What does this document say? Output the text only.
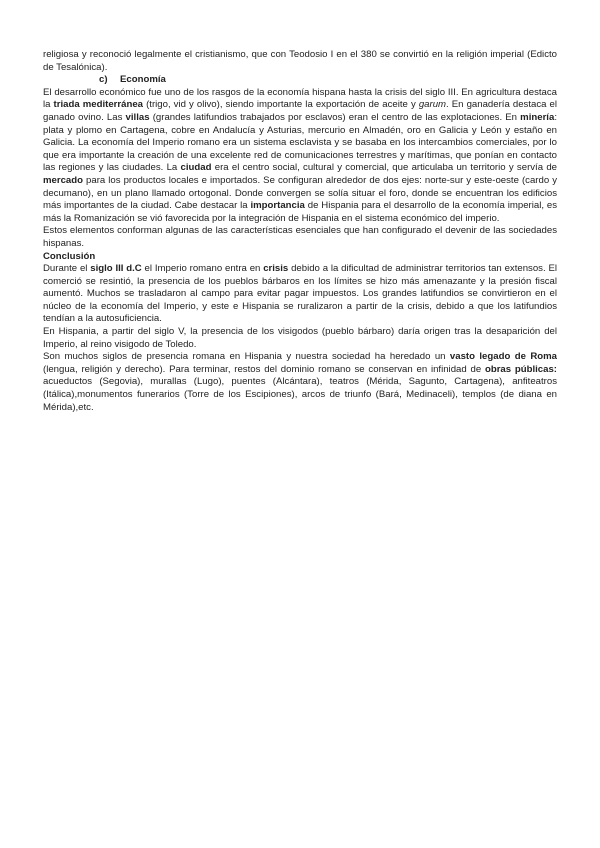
religiosa y reconoció legalmente el cristianismo, que con Teodosio I en el 380 se convirtió en la religión imperial (Edicto de Tesalónica).

c) Economía

El desarrollo económico fue uno de los rasgos de la economía hispana hasta la crisis del siglo III. En agricultura destaca la triada mediterránea (trigo, vid y olivo), siendo importante la exportación de aceite y garum. En ganadería destaca el ganado ovino. Las villas (grandes latifundios trabajados por esclavos) eran el centro de las explotaciones. En minería: plata y plomo en Cartagena, cobre en Andalucía y Asturias, mercurio en Almadén, oro en Galicia y León y estaño en Galicia. La economía del Imperio romano era un sistema esclavista y se basaba en los intercambios comerciales, por lo que era importante la creación de una excelente red de comunicaciones terrestres y marítimas, que ponían en contacto las regiones y las ciudades. La ciudad era el centro social, cultural y comercial, que articulaba un territorio y servía de mercado para los productos locales e importados. Se configuran alrededor de dos ejes: norte-sur y este-oeste (cardo y decumano), en un plano llamado ortogonal. Donde convergen se solía situar el foro, donde se encuentran los edificios más importantes de la ciudad. Cabe destacar la importancia de Hispania para el desarrollo de la economía imperial, es más la Romanización se vió favorecida por la integración de Hispania en el sistema económico del imperio.

Estos elementos conforman algunas de las características esenciales que han configurado el devenir de las sociedades hispanas.

Conclusión

Durante el siglo III d.C el Imperio romano entra en crisis debido a la dificultad de administrar territorios tan extensos. El comerció se resintió, la presencia de los pueblos bárbaros en los límites se hizo más amenazante y la presión fiscal aumentó. Muchos se trasladaron al campo para evitar pagar impuestos. Los grandes latifundios se convirtieron en el núcleo de la economía del Imperio, y este e Hispania se ruralizaron a partir de la crisis, debido a que los latifundios tendían a la autosuficiencia.

En Hispania, a partir del siglo V, la presencia de los visigodos (pueblo bárbaro) daría origen tras la desaparición del Imperio, al reino visigodo de Toledo.

Son muchos siglos de presencia romana en Hispania y nuestra sociedad ha heredado un vasto legado de Roma (lengua, religión y derecho). Para terminar, restos del dominio romano se conservan en infinidad de obras públicas: acueductos (Segovia), murallas (Lugo), puentes (Alcántara), teatros (Mérida, Sagunto, Cartagena), anfiteatros (Itálica),monumentos funerarios (Torre de los Escipiones), arcos de triunfo (Bará, Medinaceli), templos (de diana en Mérida),etc.
